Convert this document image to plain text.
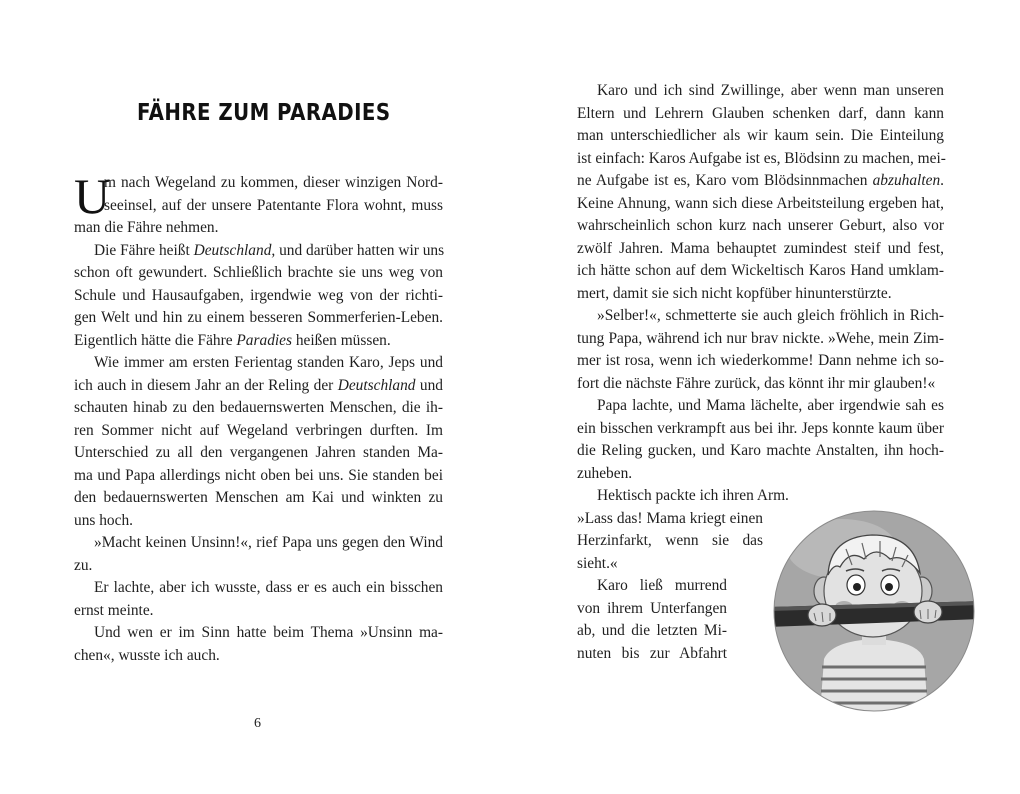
FÄHRE ZUM PARADIES
U
m nach Wegeland zu kommen, dieser winzigen Nord-
seeinsel, auf der unsere Patentante Flora wohnt, muss
man die Fähre nehmen.
Die Fähre heißt Deutschland, und darüber hatten wir uns
schon oft gewundert. Schließlich brachte sie uns weg von
Schule und Hausaufgaben, irgendwie weg von der richti-
gen Welt und hin zu einem besseren Sommerferien-Leben.
Eigentlich hätte die Fähre Paradies heißen müssen.
Wie immer am ersten Ferientag standen Karo, Jeps und
ich auch in diesem Jahr an der Reling der Deutschland und
schauten hinab zu den bedauernswerten Menschen, die ih-
ren Sommer nicht auf Wegeland verbringen durften. Im
Unterschied zu all den vergangenen Jahren standen Ma-
ma und Papa allerdings nicht oben bei uns. Sie standen bei
den bedauernswerten Menschen am Kai und winkten zu
uns hoch.
»Macht keinen Unsinn!«, rief Papa uns gegen den Wind
zu.
Er lachte, aber ich wusste, dass er es auch ein bisschen
ernst meinte.
Und wen er im Sinn hatte beim Thema »Unsinn ma-
chen«, wusste ich auch.
6
Karo und ich sind Zwillinge, aber wenn man unseren
Eltern und Lehrern Glauben schenken darf, dann kann
man unterschiedlicher als wir kaum sein. Die Einteilung
ist einfach: Karos Aufgabe ist es, Blödsinn zu machen, mei-
ne Aufgabe ist es, Karo vom Blödsinnmachen abzuhalten.
Keine Ahnung, wann sich diese Arbeitsteilung ergeben hat,
wahrscheinlich schon kurz nach unserer Geburt, also vor
zwölf Jahren. Mama behauptet zumindest steif und fest,
ich hätte schon auf dem Wickeltisch Karos Hand umklam-
mert, damit sie sich nicht kopfüber hinunterstürzte.
»Selber!«, schmetterte sie auch gleich fröhlich in Rich-
tung Papa, während ich nur brav nickte. »Wehe, mein Zim-
mer ist rosa, wenn ich wiederkomme! Dann nehme ich so-
fort die nächste Fähre zurück, das könnt ihr mir glauben!«
Papa lachte, und Mama lächelte, aber irgendwie sah es
ein bisschen verkrampft aus bei ihr. Jeps konnte kaum über
die Reling gucken, und Karo machte Anstalten, ihn hoch-
zuheben.
Hektisch packte ich ihren Arm.
»Lass das! Mama kriegt einen
Herzinfarkt, wenn sie das
sieht.«
Karo ließ murrend
von ihrem Unterfangen
ab, und die letzten Mi-
nuten bis zur Abfahrt
